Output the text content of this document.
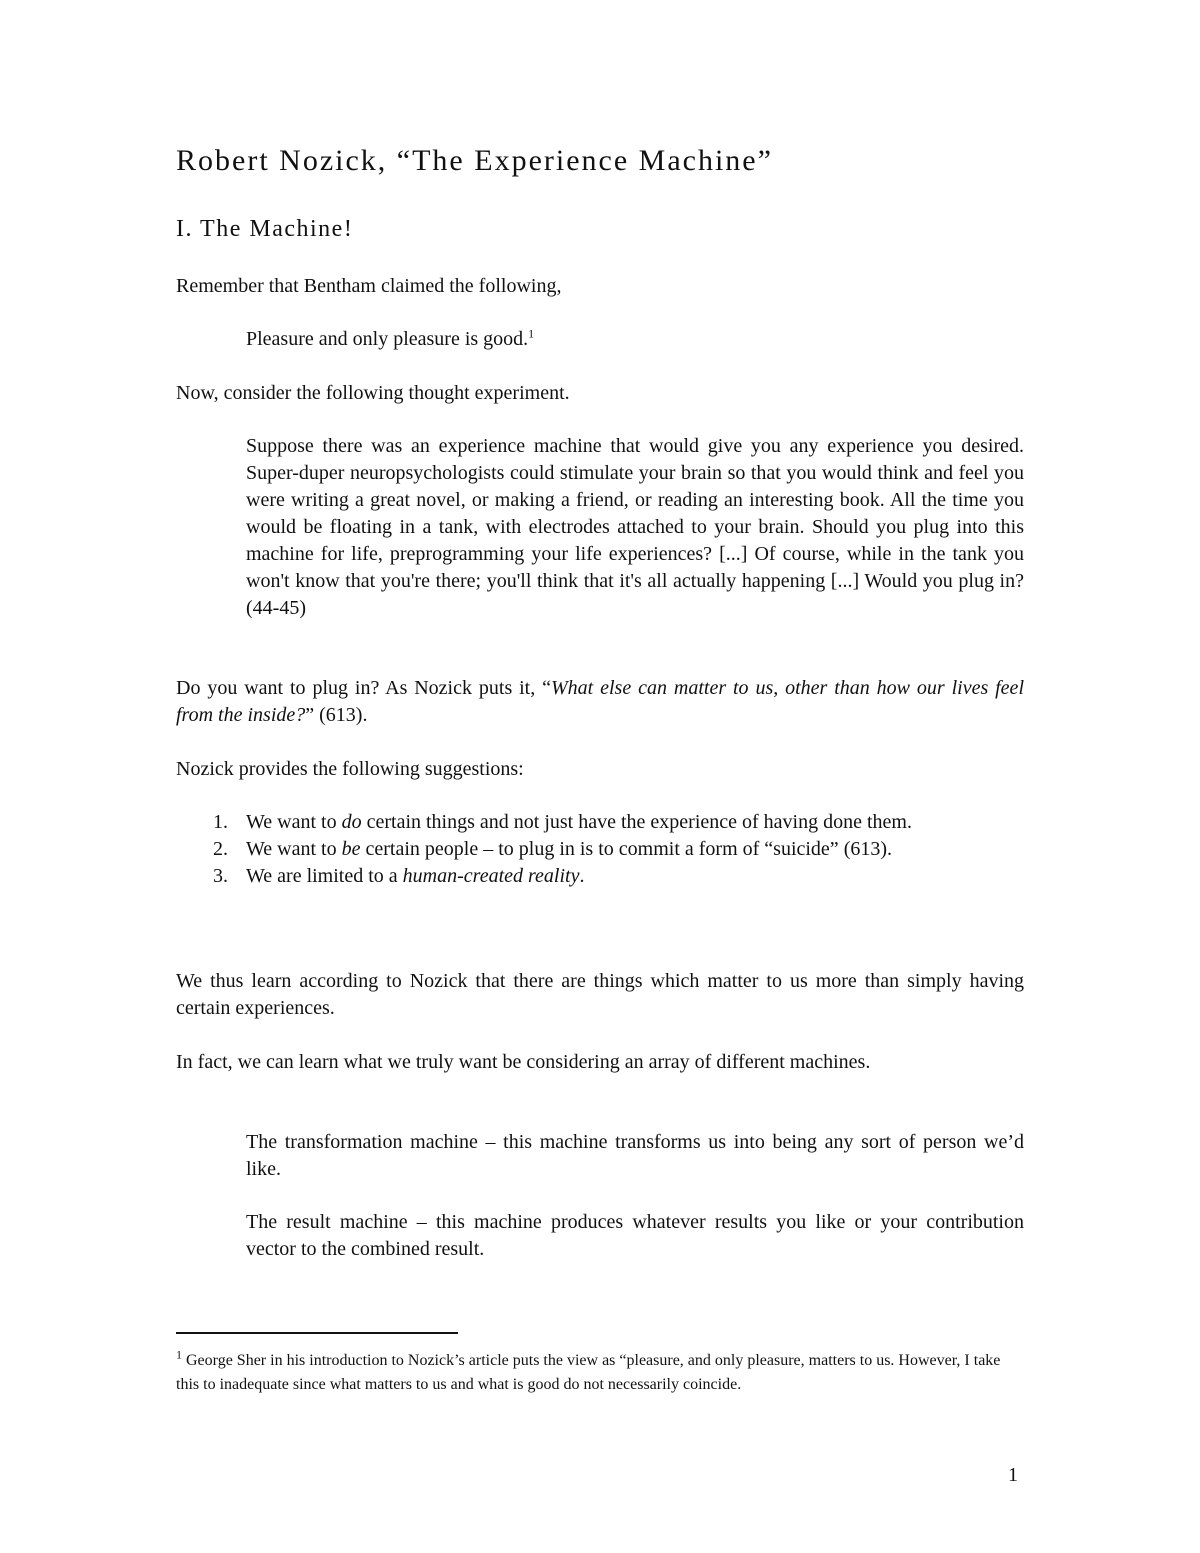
Robert Nozick, “The Experience Machine”
I. The Machine!

Remember that Bentham claimed the following,

Pleasure and only pleasure is good.$^1$

Now, consider the following thought experiment.

Suppose there was an experience machine that would give you any experience you desired. Super-duper neuropsychologists could stimulate your brain so that you would think and feel you were writing a great novel, or making a friend, or reading an interesting book. All the time you would be floating in a tank, with electrodes attached to your brain. Should you plug into this machine for life, preprogramming your life experiences? [...] Of course, while in the tank you won't know that you're there; you'll think that it's all actually happening [...] Would you plug in? (44-45)

Do you want to plug in? As Nozick puts it, “What else can matter to us, other than how our lives feel from the inside?” (613).

Nozick provides the following suggestions:

1. We want to do certain things and not just have the experience of having done them.
2. We want to be certain people – to plug in is to commit a form of “suicide” (613).
3. We are limited to a human-created reality.

We thus learn according to Nozick that there are things which matter to us more than simply having certain experiences.

In fact, we can learn what we truly want be considering an array of different machines.

The transformation machine – this machine transforms us into being any sort of person we’d like.

The result machine – this machine produces whatever results you like or your contribution vector to the combined result.

$^1$ George Sher in his introduction to Nozick’s article puts the view as “pleasure, and only pleasure, matters to us. However, I take this to inadequate since what matters to us and what is good do not necessarily coincide.

1
